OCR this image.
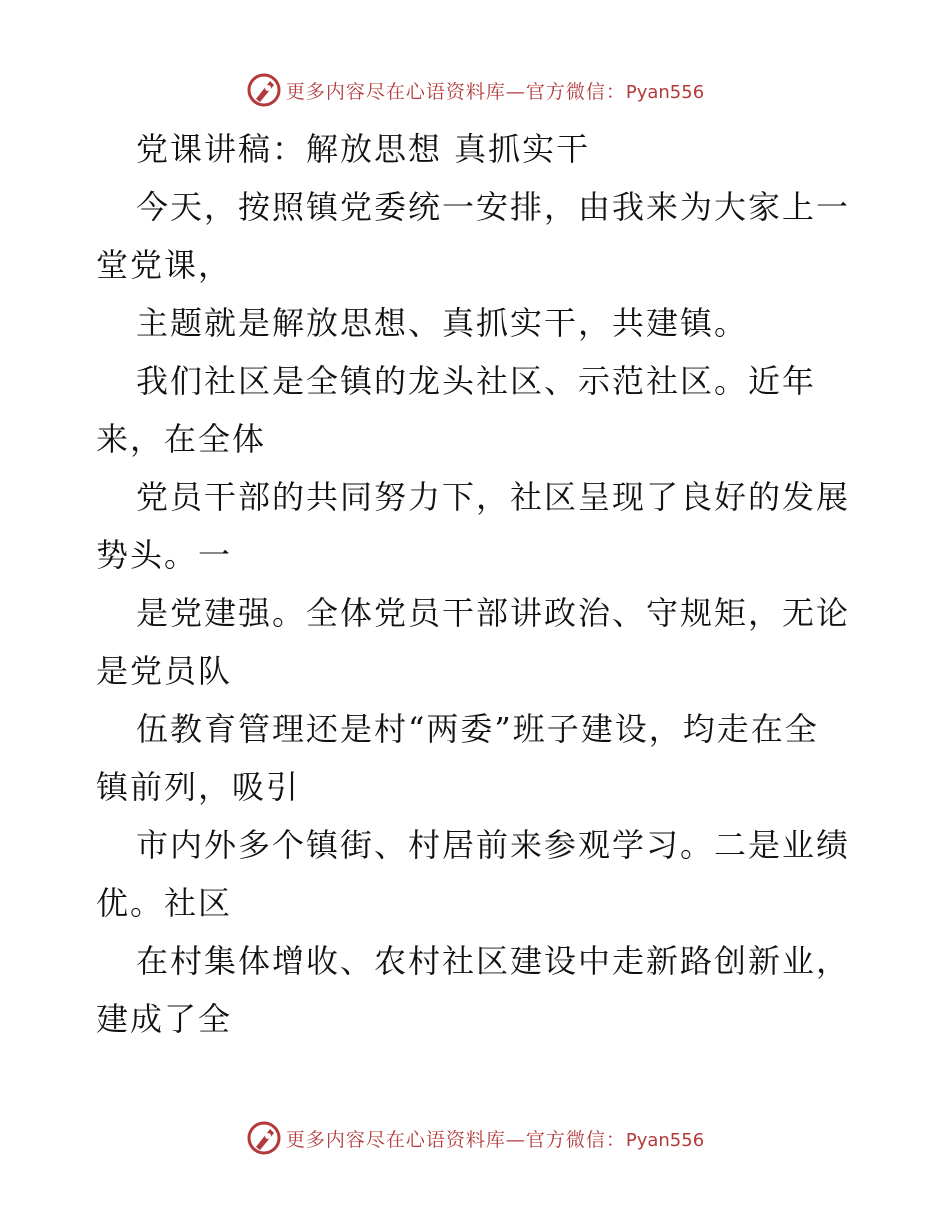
更多内容尽在心语资料库—官方微信：Pyan556
党课讲稿：解放思想 真抓实干
今天，按照镇党委统一安排，由我来为大家上一
堂党课，
主题就是解放思想、真抓实干，共建镇。
我们社区是全镇的龙头社区、示范社区。近年
来，在全体
党员干部的共同努力下，社区呈现了良好的发展
势头。一
是党建强。全体党员干部讲政治、守规矩，无论
是党员队
伍教育管理还是村“两委”班子建设，均走在全
镇前列，吸引
市内外多个镇街、村居前来参观学习。二是业绩
优。社区
在村集体增收、农村社区建设中走新路创新业，
建成了全
更多内容尽在心语资料库—官方微信：Pyan556
